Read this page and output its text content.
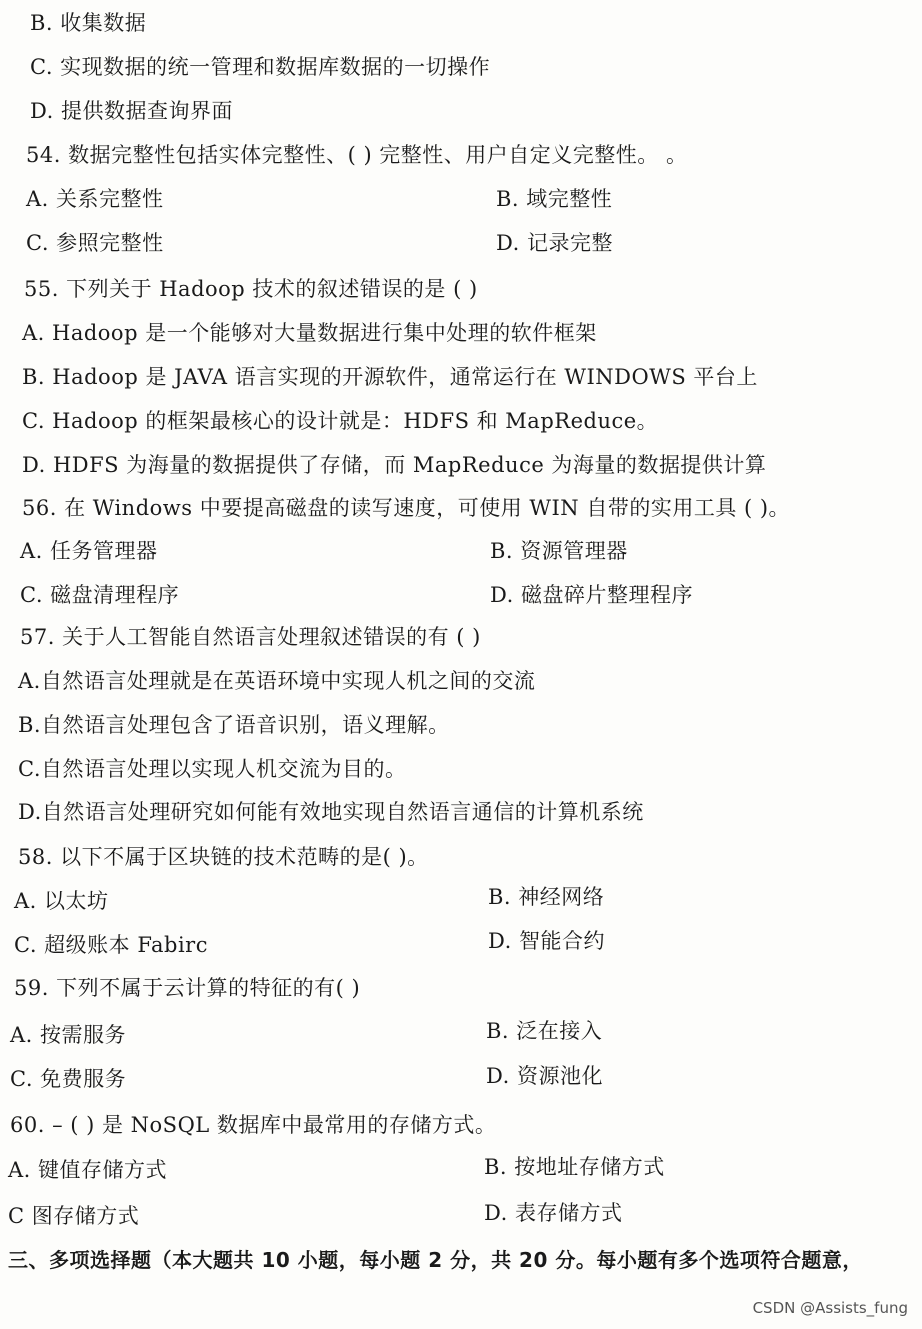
B. 收集数据
C. 实现数据的统一管理和数据库数据的一切操作
D. 提供数据查询界面
54. 数据完整性包括实体完整性、( ) 完整性、用户自定义完整性。 。
A. 关系完整性	B. 域完整性
C. 参照完整性	D. 记录完整
55. 下列关于 Hadoop 技术的叙述错误的是 ( )
A. Hadoop 是一个能够对大量数据进行集中处理的软件框架
B. Hadoop 是 JAVA 语言实现的开源软件，通常运行在 WINDOWS 平台上
C. Hadoop 的框架最核心的设计就是：HDFS 和 MapReduce。
D. HDFS 为海量的数据提供了存储，而 MapReduce 为海量的数据提供计算
56. 在 Windows 中要提高磁盘的读写速度，可使用 WIN 自带的实用工具 ( )。
A. 任务管理器	B. 资源管理器
C. 磁盘清理程序	D. 磁盘碎片整理程序
57. 关于人工智能自然语言处理叙述错误的有 ( )
A.自然语言处理就是在英语环境中实现人机之间的交流
B.自然语言处理包含了语音识别，语义理解。
C.自然语言处理以实现人机交流为目的。
D.自然语言处理研究如何能有效地实现自然语言通信的计算机系统
58. 以下不属于区块链的技术范畴的是( )。
A. 以太坊	B. 神经网络
C. 超级账本 Fabirc	D. 智能合约
59. 下列不属于云计算的特征的有( )
A. 按需服务	B. 泛在接入
C. 免费服务	D. 资源池化
60. – ( ) 是 NoSQL 数据库中最常用的存储方式。
A. 键值存储方式	B. 按地址存储方式
C 图存储方式	D. 表存储方式
三、多项选择题（本大题共 10 小题，每小题 2 分，共 20 分。每小题有多个选项符合题意，
CSDN @Assists_fung
